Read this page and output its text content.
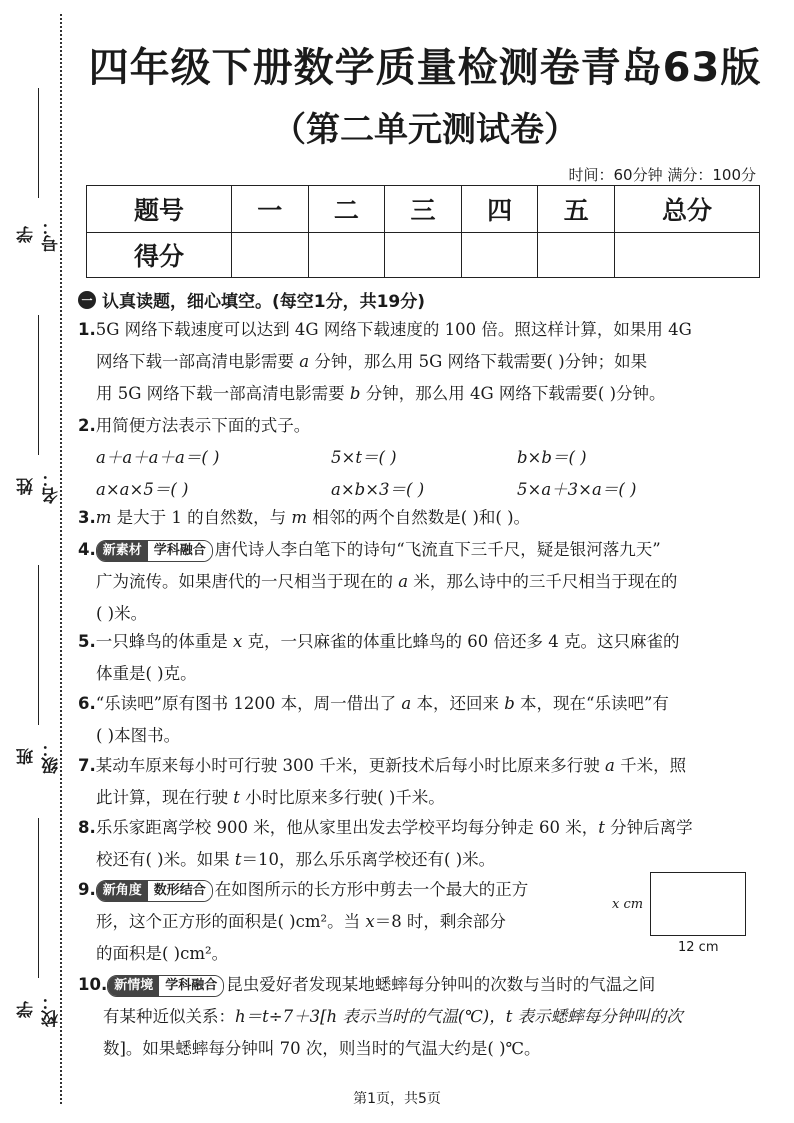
学号：
姓名：
班级：
学校：
四年级下册数学质量检测卷青岛63版
（第二单元测试卷）
时间：60分钟 满分：100分
题号	一	二	三	四	五	总分
得分						
一 认真读题，细心填空。(每空1分，共19分)
1.5G 网络下载速度可以达到 4G 网络下载速度的 100 倍。照这样计算，如果用 4G
网络下载一部高清电影需要 a 分钟，那么用 5G 网络下载需要( )分钟；如果
用 5G 网络下载一部高清电影需要 b 分钟，那么用 4G 网络下载需要( )分钟。
2.用简便方法表示下面的式子。
a＋a＋a＋a＝( )	5×t＝( )	b×b＝( )
a×a×5＝( )	a×b×3＝( )	5×a＋3×a＝( )
3.m 是大于 1 的自然数，与 m 相邻的两个自然数是( )和( )。
4. 新素材 学科融合 唐代诗人李白笔下的诗句“飞流直下三千尺，疑是银河落九天”
广为流传。如果唐代的一尺相当于现在的 a 米，那么诗中的三千尺相当于现在的
( )米。
5.一只蜂鸟的体重是 x 克，一只麻雀的体重比蜂鸟的 60 倍还多 4 克。这只麻雀的
体重是( )克。
6.“乐读吧”原有图书 1200 本，周一借出了 a 本，还回来 b 本，现在“乐读吧”有
( )本图书。
7.某动车原来每小时可行驶 300 千米，更新技术后每小时比原来多行驶 a 千米，照
此计算，现在行驶 t 小时比原来多行驶( )千米。
8.乐乐家距离学校 900 米，他从家里出发去学校平均每分钟走 60 米，t 分钟后离学
校还有( )米。如果 t＝10，那么乐乐离学校还有( )米。
9. 新角度 数形结合 在如图所示的长方形中剪去一个最大的正方
形，这个正方形的面积是( )cm²。当 x＝8 时，剩余部分
的面积是( )cm²。
x cm
12 cm
10. 新情境 学科融合 昆虫爱好者发现某地蟋蟀每分钟叫的次数与当时的气温之间
有某种近似关系：h＝t÷7＋3[h 表示当时的气温(℃)，t 表示蟋蟀每分钟叫的次
数]。如果蟋蟀每分钟叫 70 次，则当时的气温大约是( )℃。
第1页，共5页
